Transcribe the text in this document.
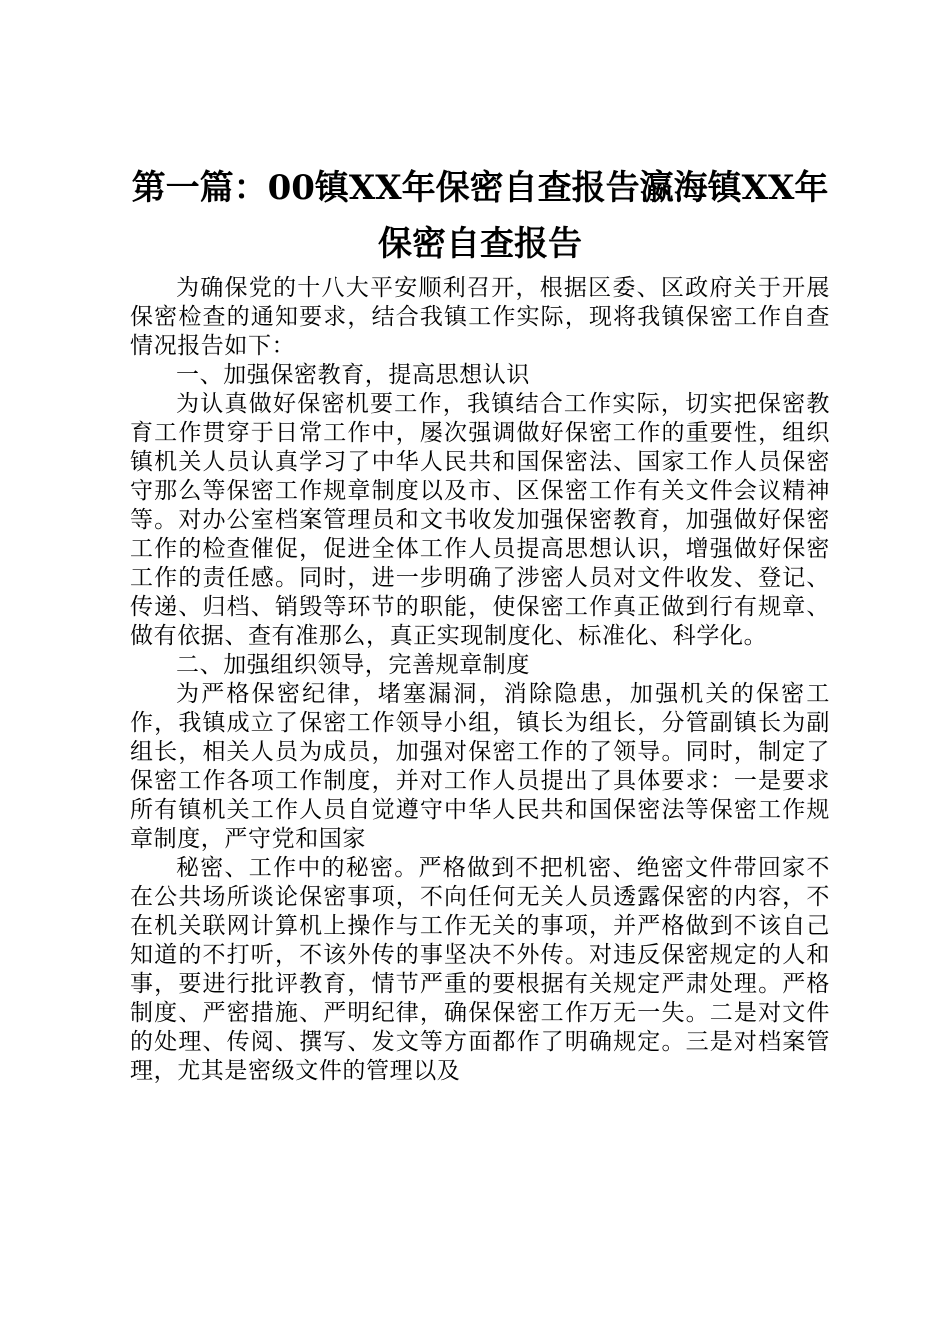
第一篇：00镇XX年保密自查报告瀛海镇XX年保密自查报告

为确保党的十八大平安顺利召开，根据区委、区政府关于开展保密检查的通知要求，结合我镇工作实际，现将我镇保密工作自查情况报告如下：

一、加强保密教育，提高思想认识

为认真做好保密机要工作，我镇结合工作实际，切实把保密教育工作贯穿于日常工作中，屡次强调做好保密工作的重要性，组织镇机关人员认真学习了中华人民共和国保密法、国家工作人员保密守那么等保密工作规章制度以及市、区保密工作有关文件会议精神等。对办公室档案管理员和文书收发加强保密教育，加强做好保密工作的检查催促，促进全体工作人员提高思想认识，增强做好保密工作的责任感。同时，进一步明确了涉密人员对文件收发、登记、传递、归档、销毁等环节的职能，使保密工作真正做到行有规章、做有依据、查有准那么，真正实现制度化、标准化、科学化。

二、加强组织领导，完善规章制度

为严格保密纪律，堵塞漏洞，消除隐患，加强机关的保密工作，我镇成立了保密工作领导小组，镇长为组长，分管副镇长为副组长，相关人员为成员，加强对保密工作的了领导。同时，制定了保密工作各项工作制度，并对工作人员提出了具体要求：一是要求所有镇机关工作人员自觉遵守中华人民共和国保密法等保密工作规章制度，严守党和国家

秘密、工作中的秘密。严格做到不把机密、绝密文件带回家不在公共场所谈论保密事项，不向任何无关人员透露保密的内容，不在机关联网计算机上操作与工作无关的事项，并严格做到不该自己知道的不打听，不该外传的事坚决不外传。对违反保密规定的人和事，要进行批评教育，情节严重的要根据有关规定严肃处理。严格制度、严密措施、严明纪律，确保保密工作万无一失。二是对文件的处理、传阅、撰写、发文等方面都作了明确规定。三是对档案管理，尤其是密级文件的管理以及
